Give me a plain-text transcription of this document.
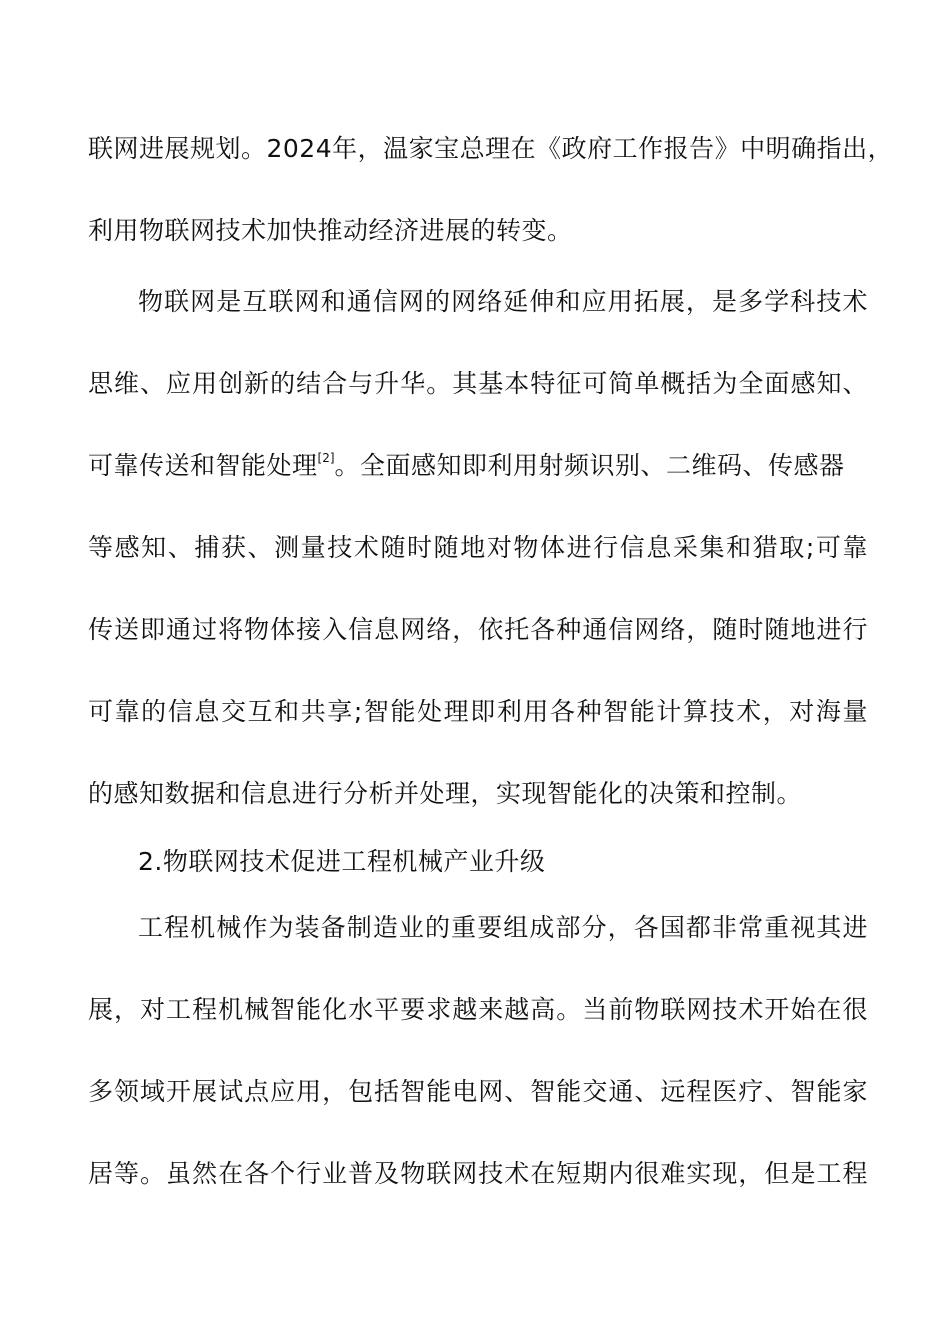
联网进展规划。2024年，温家宝总理在《政府工作报告》中明确指出，
利用物联网技术加快推动经济进展的转变。
物联网是互联网和通信网的网络延伸和应用拓展，是多学科技术
思维、应用创新的结合与升华。其基本特征可简单概括为全面感知、
可靠传送和智能处理[2]。全面感知即利用射频识别、二维码、传感器
等感知、捕获、测量技术随时随地对物体进行信息采集和猎取;可靠
传送即通过将物体接入信息网络，依托各种通信网络，随时随地进行
可靠的信息交互和共享;智能处理即利用各种智能计算技术，对海量
的感知数据和信息进行分析并处理，实现智能化的决策和控制。
2.物联网技术促进工程机械产业升级
工程机械作为装备制造业的重要组成部分，各国都非常重视其进
展，对工程机械智能化水平要求越来越高。当前物联网技术开始在很
多领域开展试点应用，包括智能电网、智能交通、远程医疗、智能家
居等。虽然在各个行业普及物联网技术在短期内很难实现，但是工程
